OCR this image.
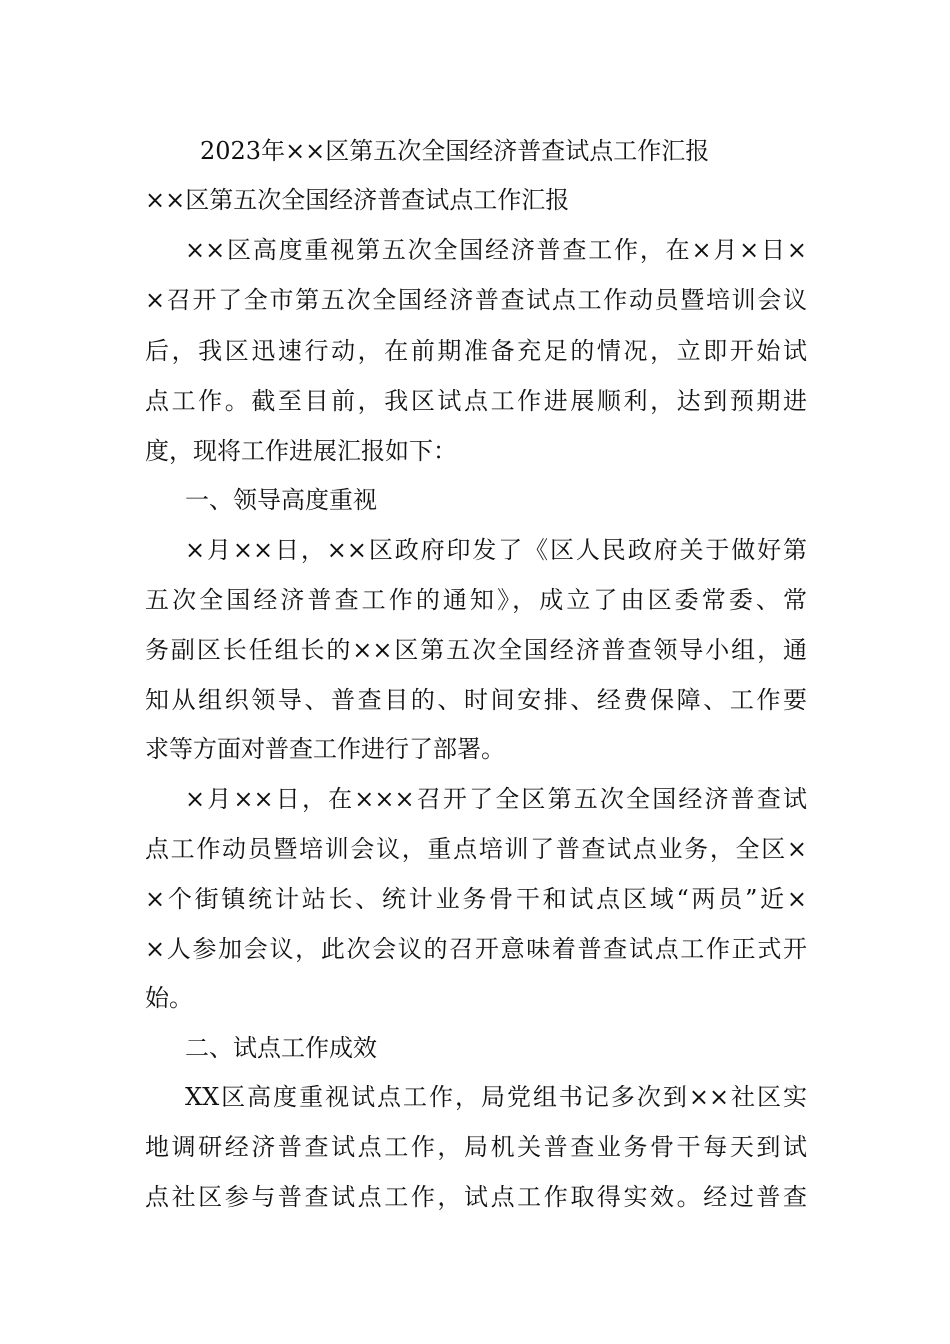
2023年××区第五次全国经济普查试点工作汇报
××区第五次全国经济普查试点工作汇报
××区高度重视第五次全国经济普查工作，在×月×日×
×召开了全市第五次全国经济普查试点工作动员暨培训会议
后，我区迅速行动，在前期准备充足的情况，立即开始试
点工作。截至目前，我区试点工作进展顺利，达到预期进
度，现将工作进展汇报如下：
一、领导高度重视
×月××日，××区政府印发了《区人民政府关于做好第
五次全国经济普查工作的通知》，成立了由区委常委、常
务副区长任组长的××区第五次全国经济普查领导小组，通
知从组织领导、普查目的、时间安排、经费保障、工作要
求等方面对普查工作进行了部署。
×月××日，在×××召开了全区第五次全国经济普查试
点工作动员暨培训会议，重点培训了普查试点业务，全区×
×个街镇统计站长、统计业务骨干和试点区域“两员”近×
×人参加会议，此次会议的召开意味着普查试点工作正式开
始。
二、试点工作成效
XX区高度重视试点工作，局党组书记多次到××社区实
地调研经济普查试点工作，局机关普查业务骨干每天到试
点社区参与普查试点工作，试点工作取得实效。经过普查
